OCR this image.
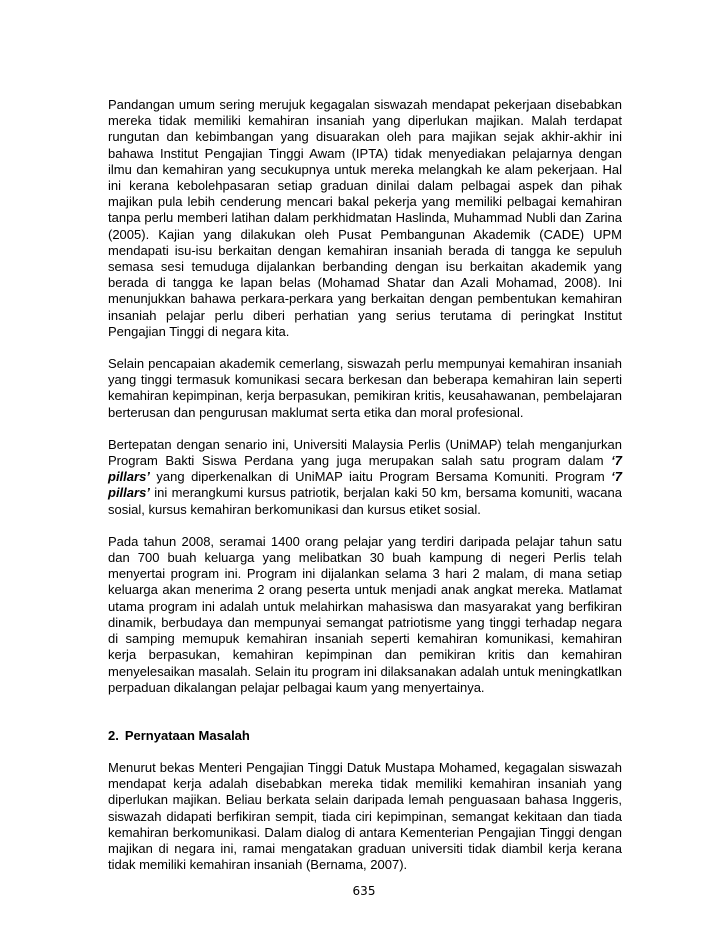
Pandangan umum sering merujuk kegagalan siswazah mendapat pekerjaan disebabkan mereka tidak memiliki kemahiran insaniah yang diperlukan majikan. Malah terdapat rungutan dan kebimbangan yang disuarakan oleh para majikan sejak akhir-akhir ini bahawa Institut Pengajian Tinggi Awam (IPTA) tidak menyediakan pelajarnya dengan ilmu dan kemahiran yang secukupnya untuk mereka melangkah ke alam pekerjaan. Hal ini kerana kebolehpasaran setiap graduan dinilai dalam pelbagai aspek dan pihak majikan pula lebih cenderung mencari bakal pekerja yang memiliki pelbagai kemahiran tanpa perlu memberi latihan dalam perkhidmatan Haslinda, Muhammad Nubli dan Zarina (2005). Kajian yang dilakukan oleh Pusat Pembangunan Akademik (CADE) UPM mendapati isu-isu berkaitan dengan kemahiran insaniah berada di tangga ke sepuluh semasa sesi temuduga dijalankan berbanding dengan isu berkaitan akademik yang berada di tangga ke lapan belas (Mohamad Shatar dan Azali Mohamad, 2008). Ini menunjukkan bahawa perkara-perkara yang berkaitan dengan pembentukan kemahiran insaniah pelajar perlu diberi perhatian yang serius terutama di peringkat Institut Pengajian Tinggi di negara kita.

Selain pencapaian akademik cemerlang, siswazah perlu mempunyai kemahiran insaniah yang tinggi termasuk komunikasi secara berkesan dan beberapa kemahiran lain seperti kemahiran kepimpinan, kerja berpasukan, pemikiran kritis, keusahawanan, pembelajaran berterusan dan pengurusan maklumat serta etika dan moral profesional.

Bertepatan dengan senario ini, Universiti Malaysia Perlis (UniMAP) telah menganjurkan Program Bakti Siswa Perdana yang juga merupakan salah satu program dalam ‘7 pillars’ yang diperkenalkan di UniMAP iaitu Program Bersama Komuniti. Program ‘7 pillars’ ini merangkumi kursus patriotik, berjalan kaki 50 km, bersama komuniti, wacana sosial, kursus kemahiran berkomunikasi dan kursus etiket sosial.

Pada tahun 2008, seramai 1400 orang pelajar yang terdiri daripada pelajar tahun satu dan 700 buah keluarga yang melibatkan 30 buah kampung di negeri Perlis telah menyertai program ini. Program ini dijalankan selama 3 hari 2 malam, di mana setiap keluarga akan menerima 2 orang peserta untuk menjadi anak angkat mereka. Matlamat utama program ini adalah untuk melahirkan mahasiswa dan masyarakat yang berfikiran dinamik, berbudaya dan mempunyai semangat patriotisme yang tinggi terhadap negara di samping memupuk kemahiran insaniah seperti kemahiran komunikasi, kemahiran kerja berpasukan, kemahiran kepimpinan dan pemikiran kritis dan kemahiran menyelesaikan masalah. Selain itu program ini dilaksanakan adalah untuk meningkatlkan perpaduan dikalangan pelajar pelbagai kaum yang menyertainya.

2. Pernyataan Masalah

Menurut bekas Menteri Pengajian Tinggi Datuk Mustapa Mohamed, kegagalan siswazah mendapat kerja adalah disebabkan mereka tidak memiliki kemahiran insaniah yang diperlukan majikan. Beliau berkata selain daripada lemah penguasaan bahasa Inggeris, siswazah didapati berfikiran sempit, tiada ciri kepimpinan, semangat kekitaan dan tiada kemahiran berkomunikasi. Dalam dialog di antara Kementerian Pengajian Tinggi dengan majikan di negara ini, ramai mengatakan graduan universiti tidak diambil kerja kerana tidak memiliki kemahiran insaniah (Bernama, 2007).

635
